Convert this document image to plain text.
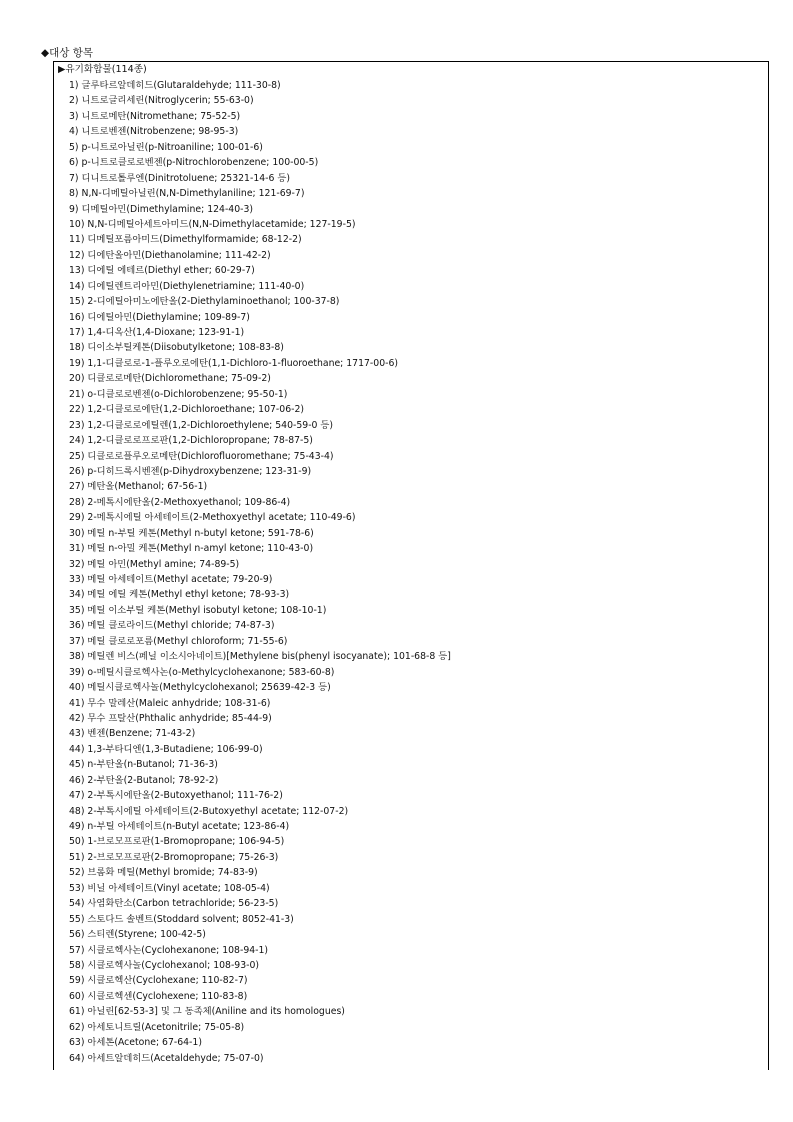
◆대상 항목
▶유기화합물(114종)
1) 글루타르알데히드(Glutaraldehyde; 111-30-8)
2) 니트로글리세린(Nitroglycerin; 55-63-0)
3) 니트로메탄(Nitromethane; 75-52-5)
4) 니트로벤젠(Nitrobenzene; 98-95-3)
5) p-니트로아닐린(p-Nitroaniline; 100-01-6)
6) p-니트로클로로벤젠(p-Nitrochlorobenzene; 100-00-5)
7) 디니트로톨루엔(Dinitrotoluene; 25321-14-6 등)
8) N,N-디메틸아닐린(N,N-Dimethylaniline; 121-69-7)
9) 디메틸아민(Dimethylamine; 124-40-3)
10) N,N-디메틸아세트아미드(N,N-Dimethylacetamide; 127-19-5)
11) 디메틸포름아미드(Dimethylformamide; 68-12-2)
12) 디에탄올아민(Diethanolamine; 111-42-2)
13) 디에틸 에테르(Diethyl ether; 60-29-7)
14) 디에틸렌트리아민(Diethylenetriamine; 111-40-0)
15) 2-디에틸아미노에탄올(2-Diethylaminoethanol; 100-37-8)
16) 디에틸아민(Diethylamine; 109-89-7)
17) 1,4-디옥산(1,4-Dioxane; 123-91-1)
18) 디이소부틸케톤(Diisobutylketone; 108-83-8)
19) 1,1-디클로로-1-플루오로에탄(1,1-Dichloro-1-fluoroethane; 1717-00-6)
20) 디클로로메탄(Dichloromethane; 75-09-2)
21) o-디클로로벤젠(o-Dichlorobenzene; 95-50-1)
22) 1,2-디클로로에탄(1,2-Dichloroethane; 107-06-2)
23) 1,2-디클로로에틸렌(1,2-Dichloroethylene; 540-59-0 등)
24) 1,2-디클로로프로판(1,2-Dichloropropane; 78-87-5)
25) 디클로로플루오로메탄(Dichlorofluoromethane; 75-43-4)
26) p-디히드록시벤젠(p-Dihydroxybenzene; 123-31-9)
27) 메탄올(Methanol; 67-56-1)
28) 2-메톡시에탄올(2-Methoxyethanol; 109-86-4)
29) 2-메톡시에틸 아세테이트(2-Methoxyethyl acetate; 110-49-6)
30) 메틸 n-부틸 케톤(Methyl n-butyl ketone; 591-78-6)
31) 메틸 n-아밀 케톤(Methyl n-amyl ketone; 110-43-0)
32) 메틸 아민(Methyl amine; 74-89-5)
33) 메틸 아세테이트(Methyl acetate; 79-20-9)
34) 메틸 에틸 케톤(Methyl ethyl ketone; 78-93-3)
35) 메틸 이소부틸 케톤(Methyl isobutyl ketone; 108-10-1)
36) 메틸 클로라이드(Methyl chloride; 74-87-3)
37) 메틸 클로로포름(Methyl chloroform; 71-55-6)
38) 메틸렌 비스(페닐 이소시아네이트)[Methylene bis(phenyl isocyanate); 101-68-8 등]
39) o-메틸시클로헥사논(o-Methylcyclohexanone; 583-60-8)
40) 메틸시클로헥사놀(Methylcyclohexanol; 25639-42-3 등)
41) 무수 말레산(Maleic anhydride; 108-31-6)
42) 무수 프탈산(Phthalic anhydride; 85-44-9)
43) 벤젠(Benzene; 71-43-2)
44) 1,3-부타디엔(1,3-Butadiene; 106-99-0)
45) n-부탄올(n-Butanol; 71-36-3)
46) 2-부탄올(2-Butanol; 78-92-2)
47) 2-부톡시에탄올(2-Butoxyethanol; 111-76-2)
48) 2-부톡시에틸 아세테이트(2-Butoxyethyl acetate; 112-07-2)
49) n-부틸 아세테이트(n-Butyl acetate; 123-86-4)
50) 1-브로모프로판(1-Bromopropane; 106-94-5)
51) 2-브로모프로판(2-Bromopropane; 75-26-3)
52) 브롬화 메틸(Methyl bromide; 74-83-9)
53) 비닐 아세테이트(Vinyl acetate; 108-05-4)
54) 사염화탄소(Carbon tetrachloride; 56-23-5)
55) 스토다드 솔벤트(Stoddard solvent; 8052-41-3)
56) 스티렌(Styrene; 100-42-5)
57) 시클로헥사논(Cyclohexanone; 108-94-1)
58) 시클로헥사놀(Cyclohexanol; 108-93-0)
59) 시클로헥산(Cyclohexane; 110-82-7)
60) 시클로헥센(Cyclohexene; 110-83-8)
61) 아닐린[62-53-3] 및 그 동족체(Aniline and its homologues)
62) 아세토니트릴(Acetonitrile; 75-05-8)
63) 아세톤(Acetone; 67-64-1)
64) 아세트알데히드(Acetaldehyde; 75-07-0)
